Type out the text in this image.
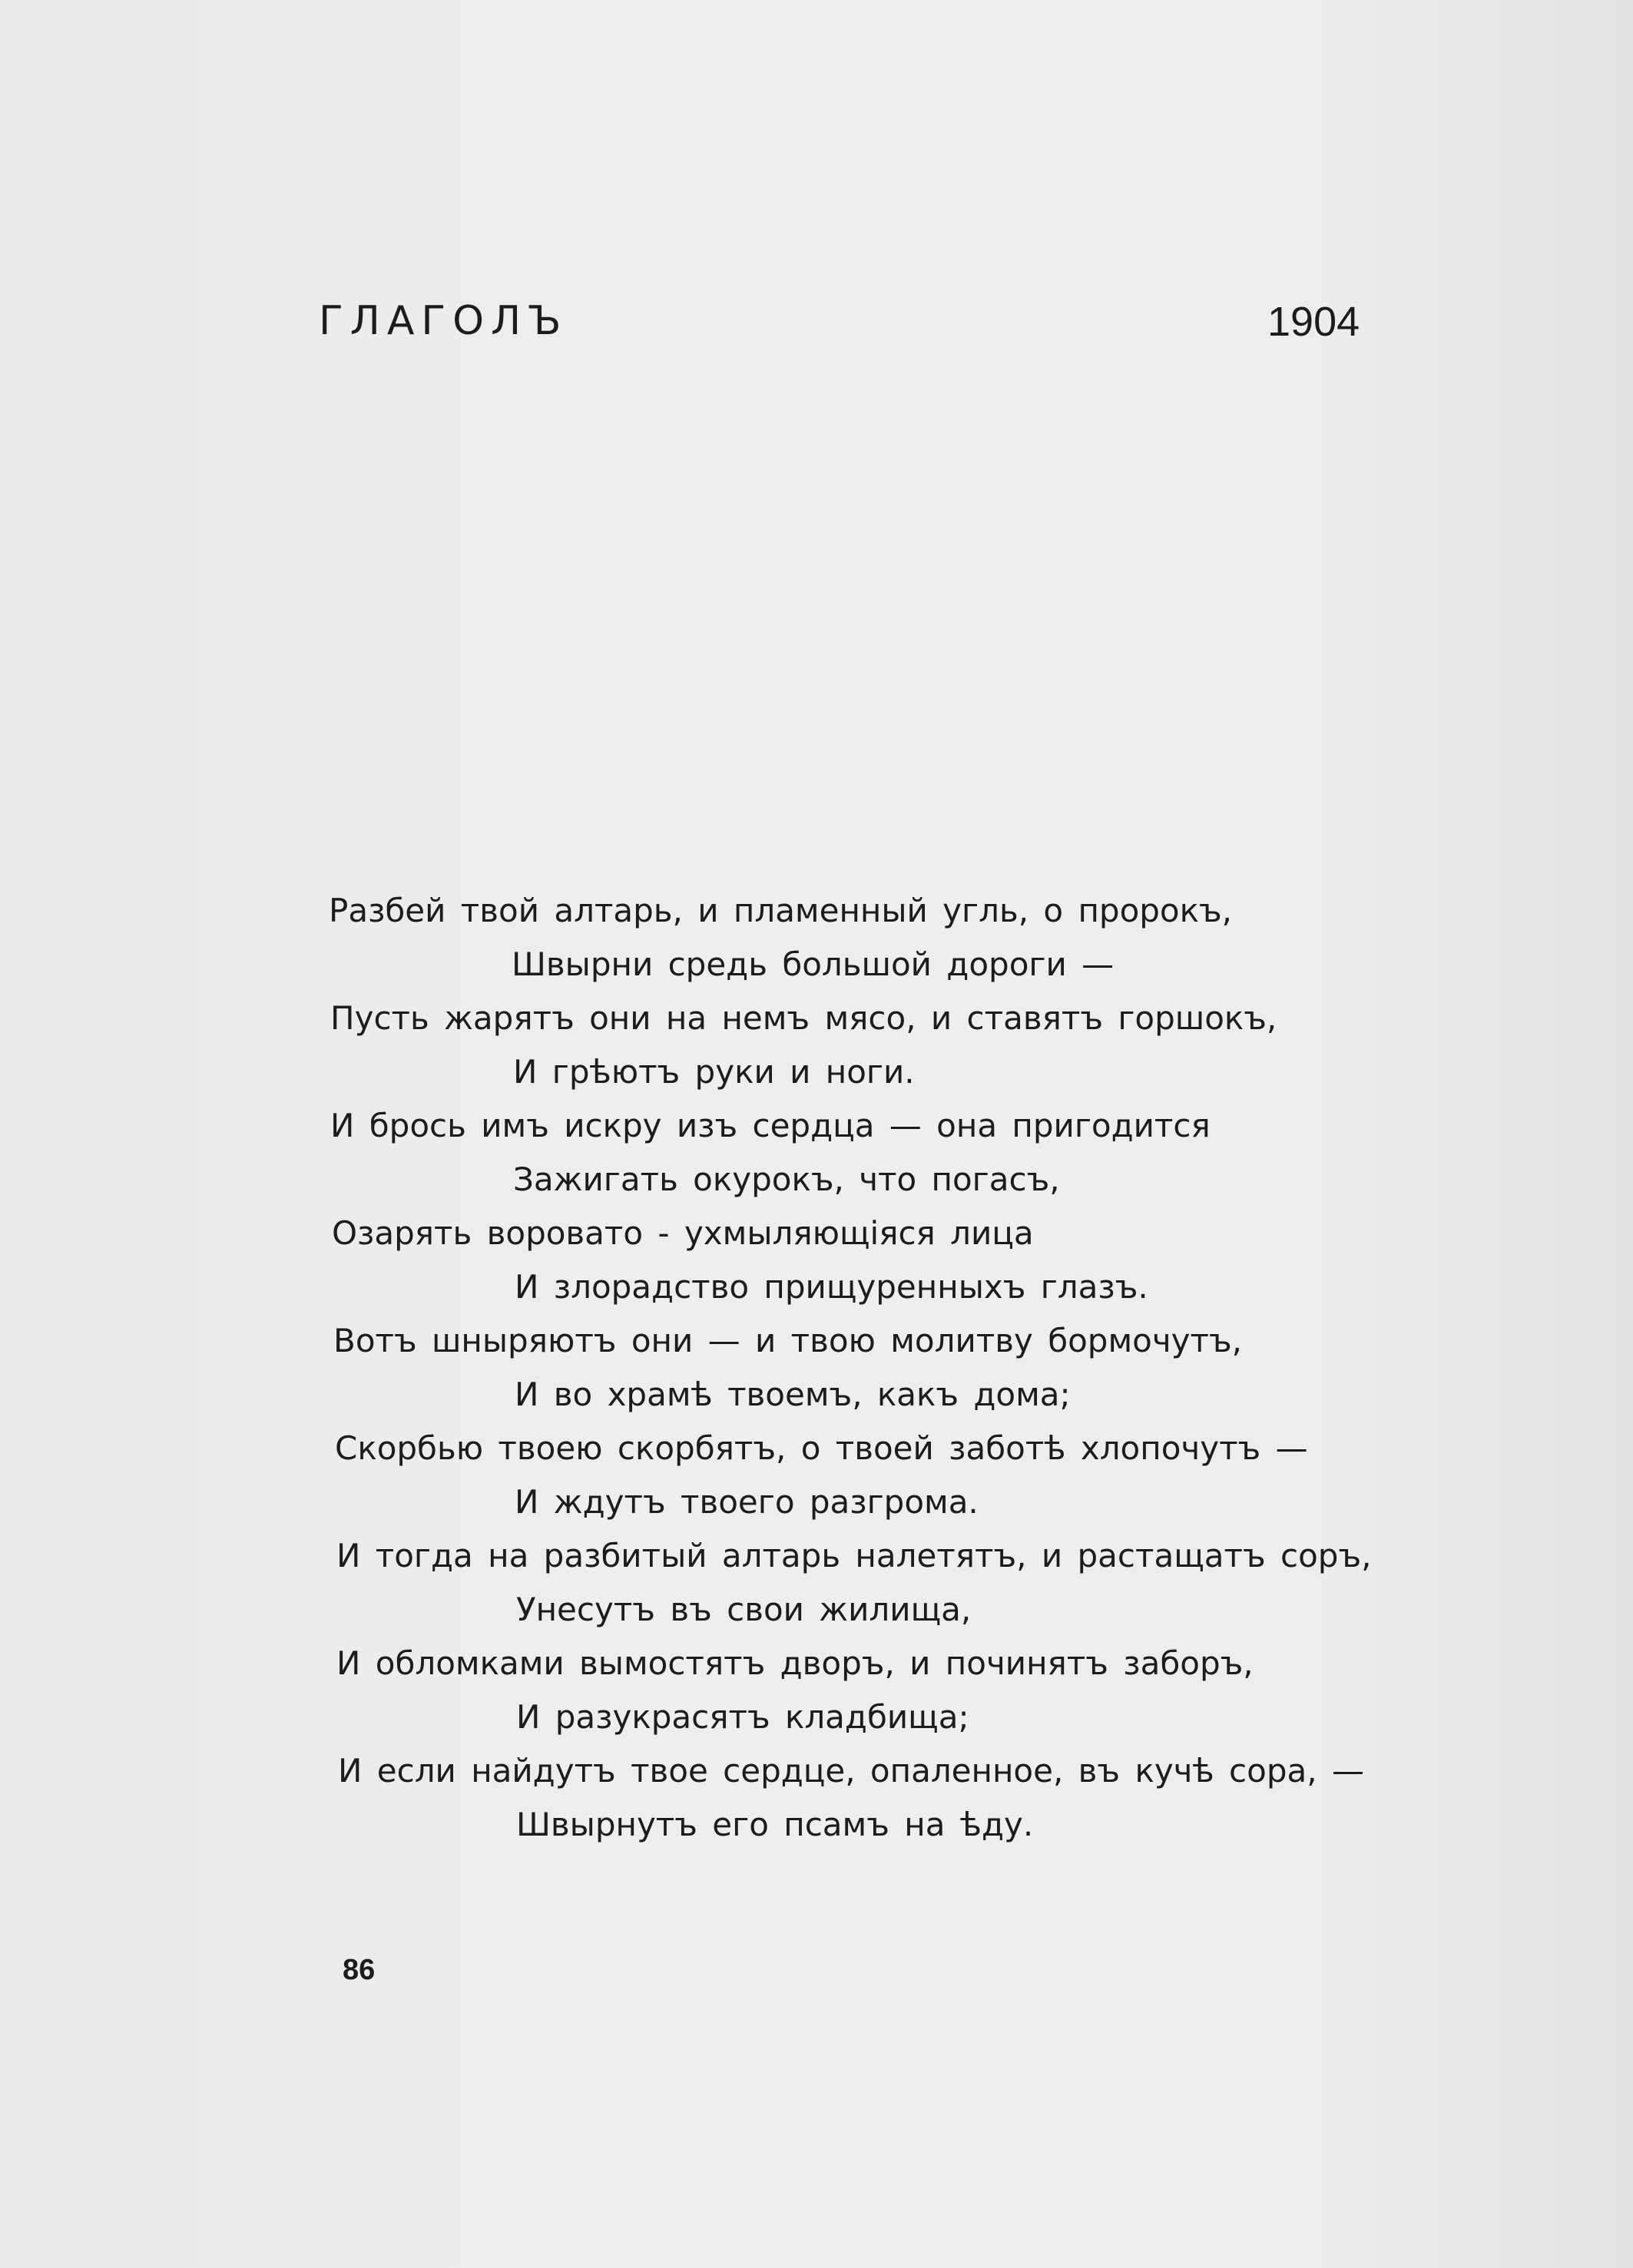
ГЛАГОЛЪ	1904
Разбей твой алтарь, и пламенный угль, о пророкъ,
Швырни средь большой дороги —
Пусть жарятъ они на немъ мясо, и ставятъ горшокъ,
И грѣютъ руки и ноги.
И брось имъ искру изъ сердца — она пригодится
Зажигать окурокъ, что погасъ,
Озарять воровато - ухмыляющіяся лица
И злорадство прищуренныхъ глазъ.
Вотъ шныряютъ они — и твою молитву бормочутъ,
И во храмѣ твоемъ, какъ дома;
Скорбью твоею скорбятъ, о твоей заботѣ хлопочутъ —
И ждутъ твоего разгрома.
И тогда на разбитый алтарь налетятъ, и растащатъ соръ,
Унесутъ въ свои жилища,
И обломками вымостятъ дворъ, и починятъ заборъ,
И разукрасятъ кладбища;
И если найдутъ твое сердце, опаленное, въ кучѣ сора, —
Швырнутъ его псамъ на ѣду.
86
